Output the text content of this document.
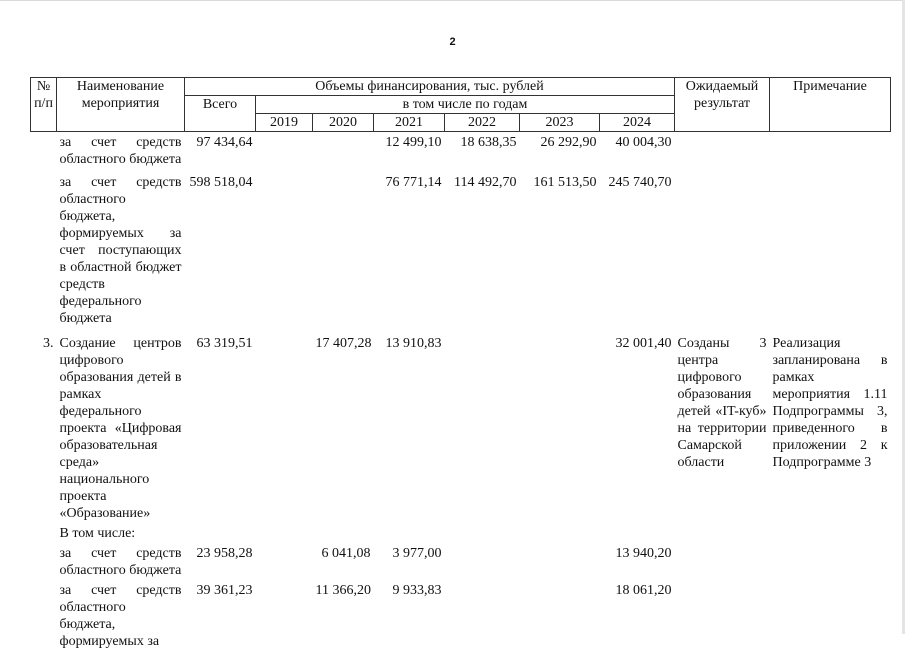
2
№ п/п	Наименование мероприятия	Объемы финансирования, тыс. рублей							Ожидаемый результат	Примечание
		Всего	в том числе по годам							
			2019	2020	2021	2022	2023	2024		
	за счет средств областного бюджета	97 434,64			12 499,10	18 638,35	26 292,90	40 004,30		
	за счет средств областного бюджета, формируемых за счет поступающих в областной бюджет средств федерального бюджета	598 518,04			76 771,14	114 492,70	161 513,50	245 740,70		
3.	Создание центров цифрового образования детей в рамках федерального проекта «Цифровая образовательная среда» национального проекта «Образование»	63 319,51		17 407,28	13 910,83			32 001,40	Созданы 3 центра цифрового образования детей «IT-куб» на территории Самарской области	Реализация запланирована в рамках мероприятия 1.11 Подпрограммы 3, приведенного в приложении 2 к Подпрограмме 3
	В том числе:									
	за счет средств областного бюджета	23 958,28		6 041,08	3 977,00			13 940,20		
	за счет средств областного бюджета, формируемых за	39 361,23		11 366,20	9 933,83			18 061,20		
